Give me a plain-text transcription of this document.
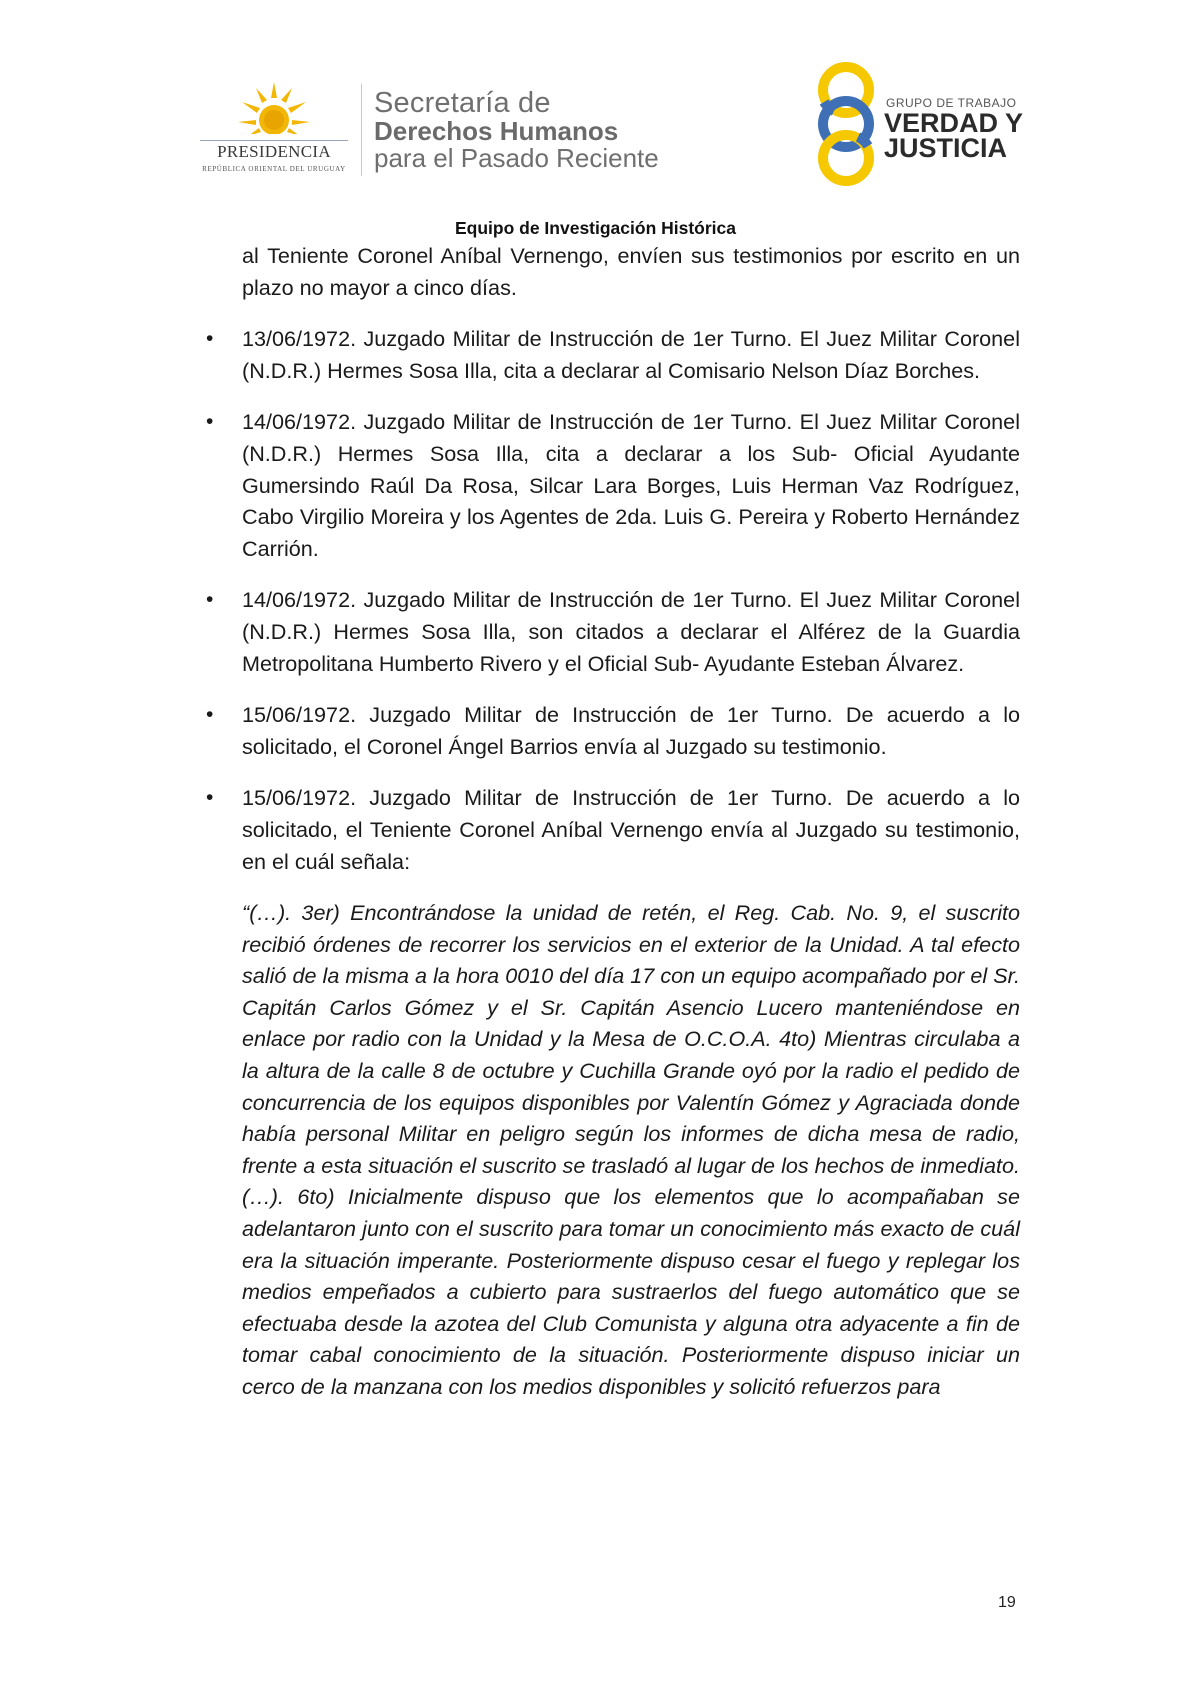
PRESIDENCIA
REPÚBLICA ORIENTAL DEL URUGUAY
Secretaría de
Derechos Humanos
para el Pasado Reciente
GRUPO DE TRABAJO
VERDAD Y
JUSTICIA
Equipo de Investigación Histórica

al Teniente Coronel Aníbal Vernengo, envíen sus testimonios por escrito en un plazo no mayor a cinco días.

• 13/06/1972. Juzgado Militar de Instrucción de 1er Turno. El Juez Militar Coronel (N.D.R.) Hermes Sosa Illa, cita a declarar al Comisario Nelson Díaz Borches.

• 14/06/1972. Juzgado Militar de Instrucción de 1er Turno. El Juez Militar Coronel (N.D.R.) Hermes Sosa Illa, cita a declarar a los Sub- Oficial Ayudante Gumersindo Raúl Da Rosa, Silcar Lara Borges, Luis Herman Vaz Rodríguez, Cabo Virgilio Moreira y los Agentes de 2da. Luis G. Pereira y Roberto Hernández Carrión.

• 14/06/1972. Juzgado Militar de Instrucción de 1er Turno. El Juez Militar Coronel (N.D.R.) Hermes Sosa Illa, son citados a declarar el Alférez de la Guardia Metropolitana Humberto Rivero y el Oficial Sub- Ayudante Esteban Álvarez.

• 15/06/1972. Juzgado Militar de Instrucción de 1er Turno. De acuerdo a lo solicitado, el Coronel Ángel Barrios envía al Juzgado su testimonio.

• 15/06/1972. Juzgado Militar de Instrucción de 1er Turno. De acuerdo a lo solicitado, el Teniente Coronel Aníbal Vernengo envía al Juzgado su testimonio, en el cuál señala:

“(…). 3er) Encontrándose la unidad de retén, el Reg. Cab. No. 9, el suscrito recibió órdenes de recorrer los servicios en el exterior de la Unidad. A tal efecto salió de la misma a la hora 0010 del día 17 con un equipo acompañado por el Sr. Capitán Carlos Gómez y el Sr. Capitán Asencio Lucero manteniéndose en enlace por radio con la Unidad y la Mesa de O.C.O.A. 4to) Mientras circulaba a la altura de la calle 8 de octubre y Cuchilla Grande oyó por la radio el pedido de concurrencia de los equipos disponibles por Valentín Gómez y Agraciada donde había personal Militar en peligro según los informes de dicha mesa de radio, frente a esta situación el suscrito se trasladó al lugar de los hechos de inmediato. (…). 6to) Inicialmente dispuso que los elementos que lo acompañaban se adelantaron junto con el suscrito para tomar un conocimiento más exacto de cuál era la situación imperante. Posteriormente dispuso cesar el fuego y replegar los medios empeñados a cubierto para sustraerlos del fuego automático que se efectuaba desde la azotea del Club Comunista y alguna otra adyacente a fin de tomar cabal conocimiento de la situación. Posteriormente dispuso iniciar un cerco de la manzana con los medios disponibles y solicitó refuerzos para

19
